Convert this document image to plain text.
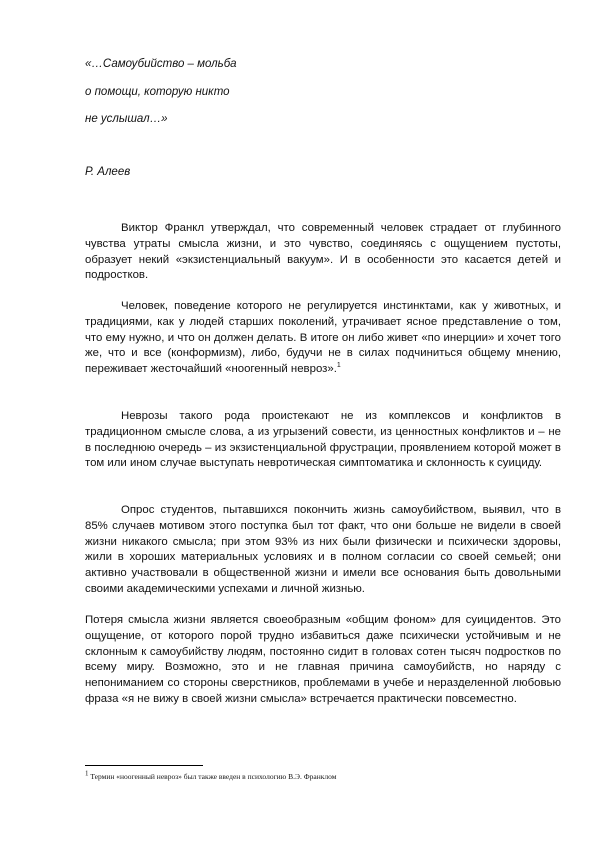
«…Самоубийство – мольба
о помощи, которую никто
не услышал…»
Р. Алеев

Виктор Франкл утверждал, что современный человек страдает от глубинного чувства утраты смысла жизни, и это чувство, соединяясь с ощущением пустоты, образует некий «экзистенциальный вакуум». И в особенности это касается детей и подростков.

Человек, поведение которого не регулируется инстинктами, как у животных, и традициями, как у людей старших поколений, утрачивает ясное представление о том, что ему нужно, и что он должен делать. В итоге он либо живет «по инерции» и хочет того же, что и все (конформизм), либо, будучи не в силах подчиниться общему мнению, переживает жесточайший «ноогенный невроз».$^1$

Неврозы такого рода проистекают не из комплексов и конфликтов в традиционном смысле слова, а из угрызений совести, из ценностных конфликтов и – не в последнюю очередь – из экзистенциальной фрустрации, проявлением которой может в том или ином случае выступать невротическая симптоматика и склонность к суициду.

Опрос студентов, пытавшихся покончить жизнь самоубийством, выявил, что в 85% случаев мотивом этого поступка был тот факт, что они больше не видели в своей жизни никакого смысла; при этом 93% из них были физически и психически здоровы, жили в хороших материальных условиях и в полном согласии со своей семьей; они активно участвовали в общественной жизни и имели все основания быть довольными своими академическими успехами и личной жизнью.

Потеря смысла жизни является своеобразным «общим фоном» для суицидентов. Это ощущение, от которого порой трудно избавиться даже психически устойчивым и не склонным к самоубийству людям, постоянно сидит в головах сотен тысяч подростков по всему миру. Возможно, это и не главная причина самоубийств, но наряду с непониманием со стороны сверстников, проблемами в учебе и неразделенной любовью фраза «я не вижу в своей жизни смысла» встречается практически повсеместно.

$^1$ Термин «ноогенный невроз» был также введен в психологию В.Э. Франклом
